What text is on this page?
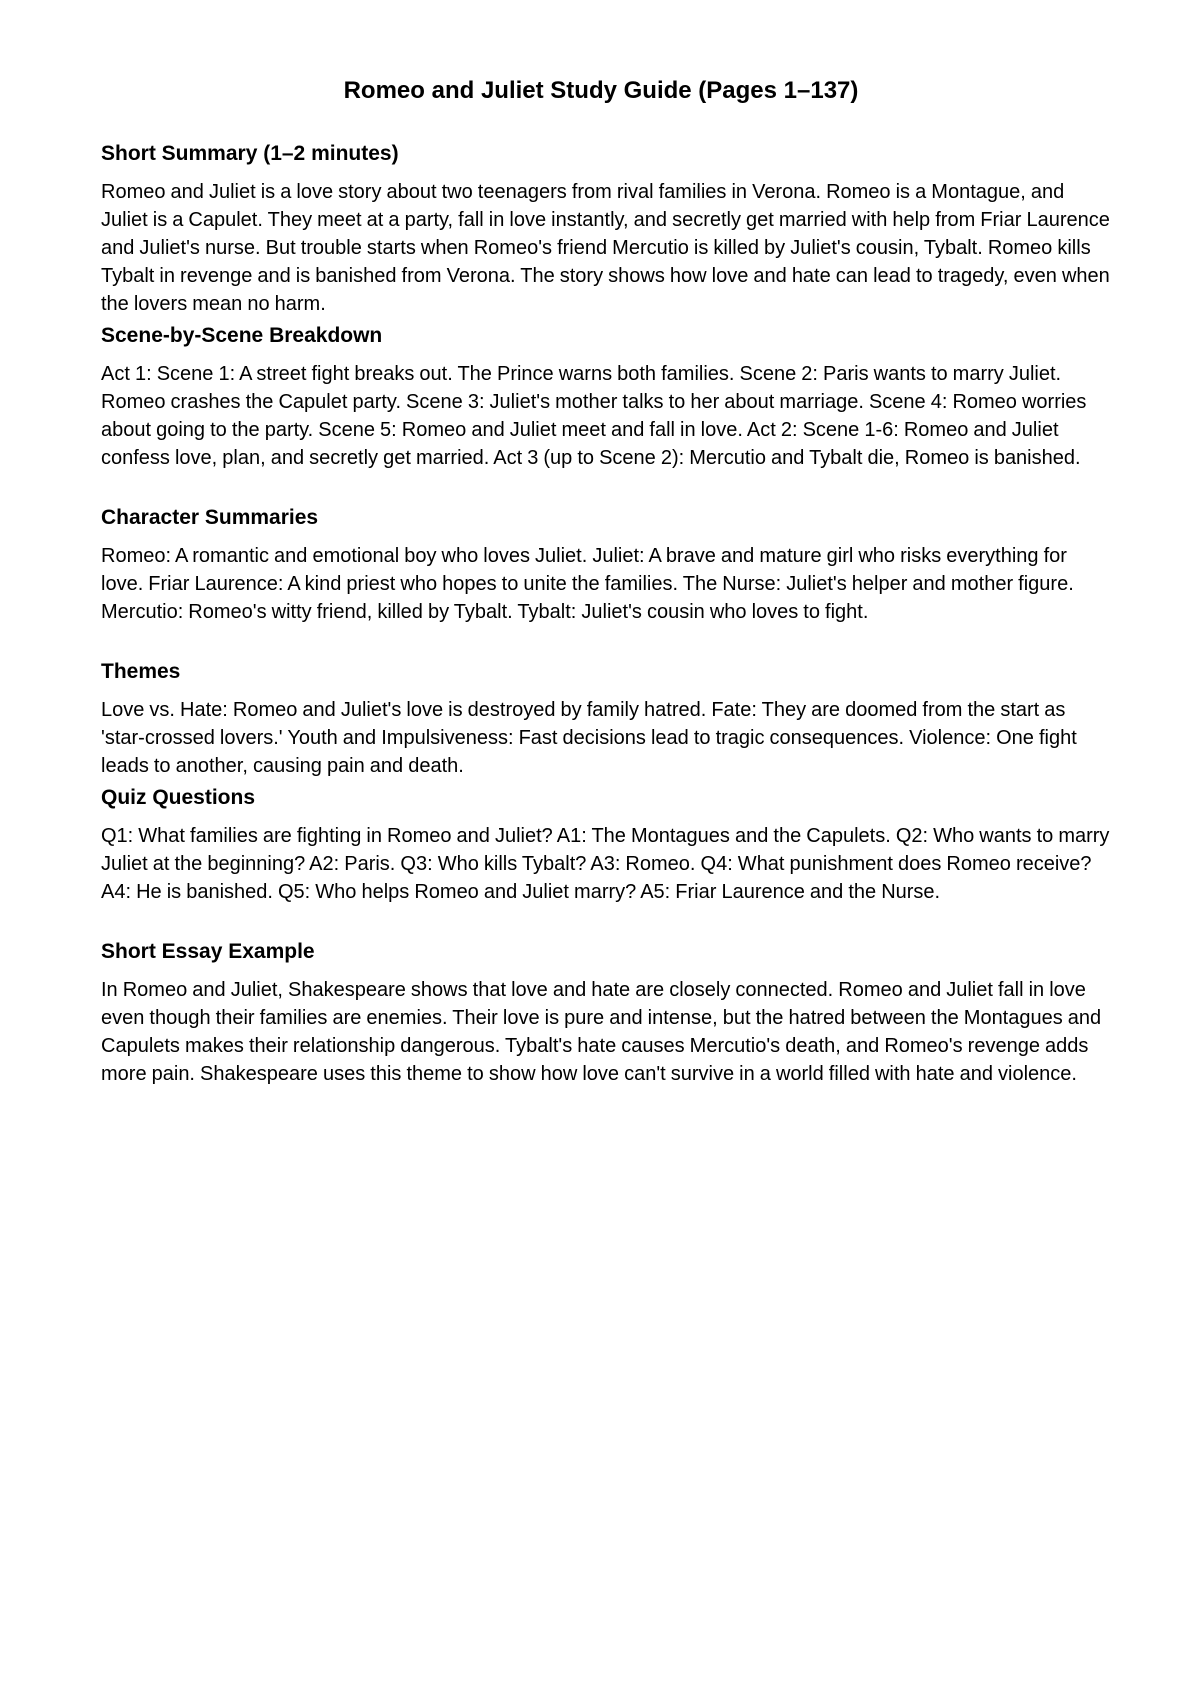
Romeo and Juliet Study Guide (Pages 1–137)
Short Summary (1–2 minutes)

Romeo and Juliet is a love story about two teenagers from rival families in Verona. Romeo is a Montague, and Juliet is a Capulet. They meet at a party, fall in love instantly, and secretly get married with help from Friar Laurence and Juliet's nurse. But trouble starts when Romeo's friend Mercutio is killed by Juliet's cousin, Tybalt. Romeo kills Tybalt in revenge and is banished from Verona. The story shows how love and hate can lead to tragedy, even when the lovers mean no harm.

Scene-by-Scene Breakdown

Act 1: Scene 1: A street fight breaks out. The Prince warns both families. Scene 2: Paris wants to marry Juliet. Romeo crashes the Capulet party. Scene 3: Juliet's mother talks to her about marriage. Scene 4: Romeo worries about going to the party. Scene 5: Romeo and Juliet meet and fall in love. Act 2: Scene 1-6: Romeo and Juliet confess love, plan, and secretly get married. Act 3 (up to Scene 2): Mercutio and Tybalt die, Romeo is banished.

Character Summaries

Romeo: A romantic and emotional boy who loves Juliet. Juliet: A brave and mature girl who risks everything for love. Friar Laurence: A kind priest who hopes to unite the families. The Nurse: Juliet's helper and mother figure. Mercutio: Romeo's witty friend, killed by Tybalt. Tybalt: Juliet's cousin who loves to fight.

Themes

Love vs. Hate: Romeo and Juliet's love is destroyed by family hatred. Fate: They are doomed from the start as 'star-crossed lovers.' Youth and Impulsiveness: Fast decisions lead to tragic consequences. Violence: One fight leads to another, causing pain and death.

Quiz Questions

Q1: What families are fighting in Romeo and Juliet? A1: The Montagues and the Capulets. Q2: Who wants to marry Juliet at the beginning? A2: Paris. Q3: Who kills Tybalt? A3: Romeo. Q4: What punishment does Romeo receive? A4: He is banished. Q5: Who helps Romeo and Juliet marry? A5: Friar Laurence and the Nurse.

Short Essay Example

In Romeo and Juliet, Shakespeare shows that love and hate are closely connected. Romeo and Juliet fall in love even though their families are enemies. Their love is pure and intense, but the hatred between the Montagues and Capulets makes their relationship dangerous. Tybalt's hate causes Mercutio's death, and Romeo's revenge adds more pain. Shakespeare uses this theme to show how love can't survive in a world filled with hate and violence.
